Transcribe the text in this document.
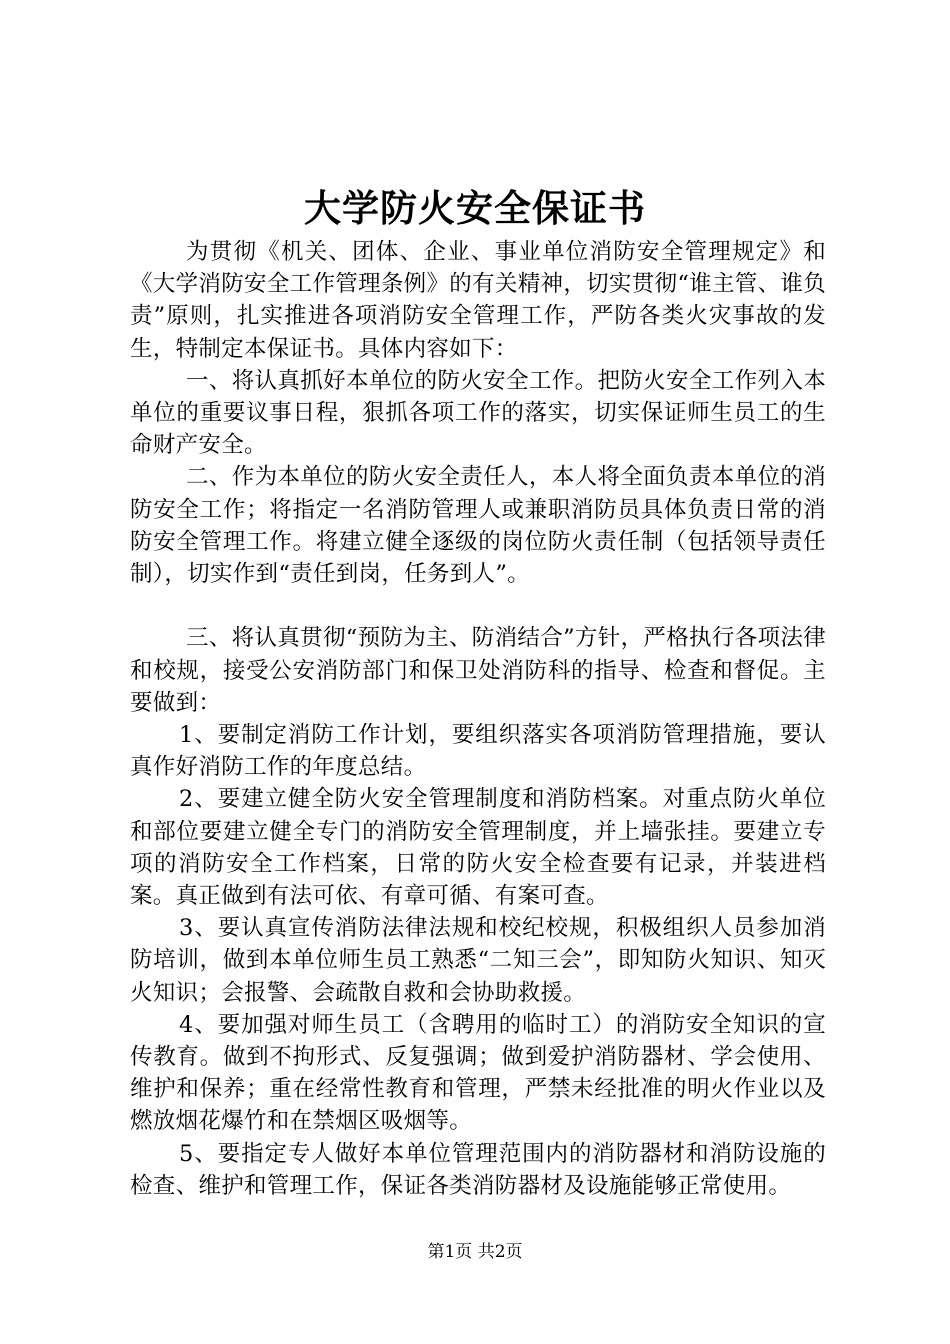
大学防火安全保证书

为贯彻《机关、团体、企业、事业单位消防安全管理规定》和《大学消防安全工作管理条例》的有关精神，切实贯彻“谁主管、谁负责”原则，扎实推进各项消防安全管理工作，严防各类火灾事故的发生，特制定本保证书。具体内容如下：

一、将认真抓好本单位的防火安全工作。把防火安全工作列入本单位的重要议事日程，狠抓各项工作的落实，切实保证师生员工的生命财产安全。

二、作为本单位的防火安全责任人，本人将全面负责本单位的消防安全工作；将指定一名消防管理人或兼职消防员具体负责日常的消防安全管理工作。将建立健全逐级的岗位防火责任制（包括领导责任制），切实作到“责任到岗，任务到人”。

三、将认真贯彻“预防为主、防消结合”方针，严格执行各项法律和校规，接受公安消防部门和保卫处消防科的指导、检查和督促。主要做到：

1、要制定消防工作计划，要组织落实各项消防管理措施，要认真作好消防工作的年度总结。

2、要建立健全防火安全管理制度和消防档案。对重点防火单位和部位要建立健全专门的消防安全管理制度，并上墙张挂。要建立专项的消防安全工作档案，日常的防火安全检查要有记录，并装进档案。真正做到有法可依、有章可循、有案可查。

3、要认真宣传消防法律法规和校纪校规，积极组织人员参加消防培训，做到本单位师生员工熟悉“二知三会”，即知防火知识、知灭火知识；会报警、会疏散自救和会协助救援。

4、要加强对师生员工（含聘用的临时工）的消防安全知识的宣传教育。做到不拘形式、反复强调；做到爱护消防器材、学会使用、维护和保养；重在经常性教育和管理，严禁未经批准的明火作业以及燃放烟花爆竹和在禁烟区吸烟等。

5、要指定专人做好本单位管理范围内的消防器材和消防设施的检查、维护和管理工作，保证各类消防器材及设施能够正常使用。

第1页 共2页
